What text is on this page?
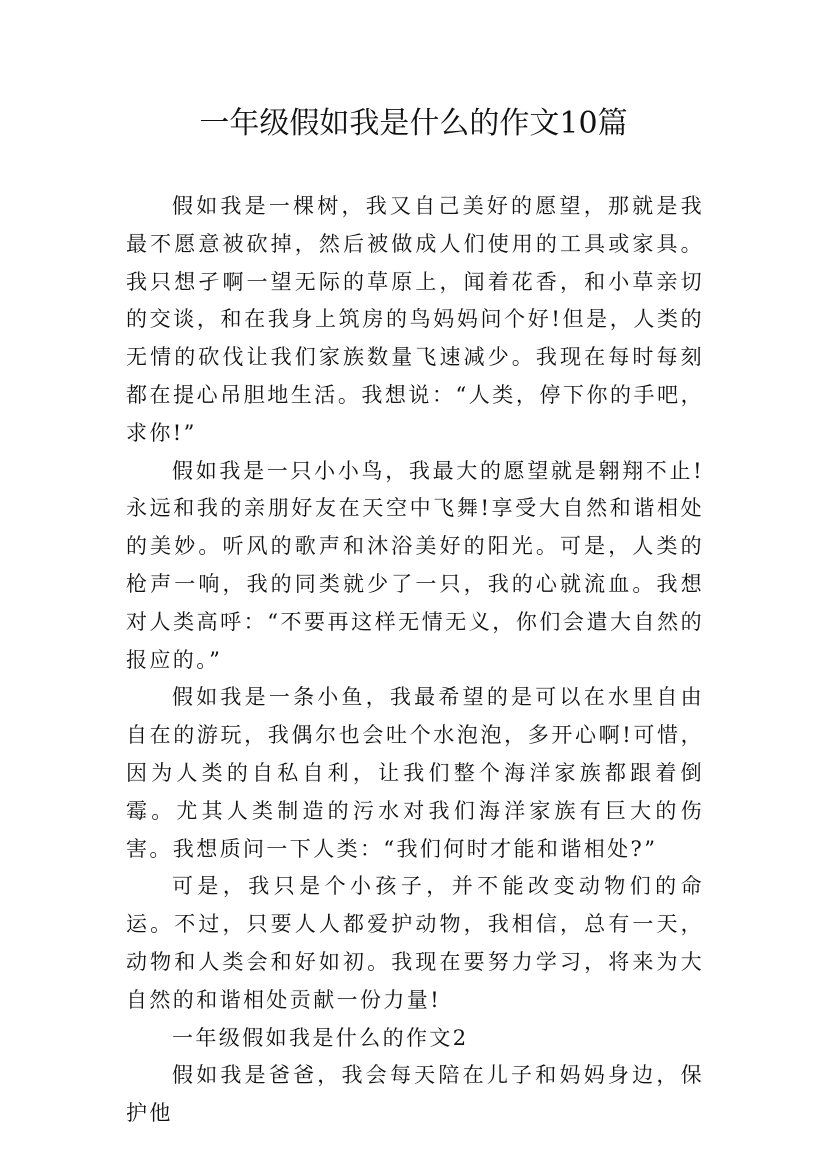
一年级假如我是什么的作文10篇

假如我是一棵树，我又自己美好的愿望，那就是我最不愿意被砍掉，然后被做成人们使用的工具或家具。我只想孑啊一望无际的草原上，闻着花香，和小草亲切的交谈，和在我身上筑房的鸟妈妈问个好!但是，人类的无情的砍伐让我们家族数量飞速减少。我现在每时每刻都在提心吊胆地生活。我想说：“人类，停下你的手吧，求你!”

假如我是一只小小鸟，我最大的愿望就是翱翔不止!永远和我的亲朋好友在天空中飞舞!享受大自然和谐相处的美妙。听风的歌声和沐浴美好的阳光。可是，人类的枪声一响，我的同类就少了一只，我的心就流血。我想对人类高呼：“不要再这样无情无义，你们会遣大自然的报应的。”

假如我是一条小鱼，我最希望的是可以在水里自由自在的游玩，我偶尔也会吐个水泡泡，多开心啊!可惜，因为人类的自私自利，让我们整个海洋家族都跟着倒霉。尤其人类制造的污水对我们海洋家族有巨大的伤害。我想质问一下人类：“我们何时才能和谐相处?”

可是，我只是个小孩子，并不能改变动物们的命运。不过，只要人人都爱护动物，我相信，总有一天，动物和人类会和好如初。我现在要努力学习，将来为大自然的和谐相处贡献一份力量!

一年级假如我是什么的作文2

假如我是爸爸，我会每天陪在儿子和妈妈身边，保护他
